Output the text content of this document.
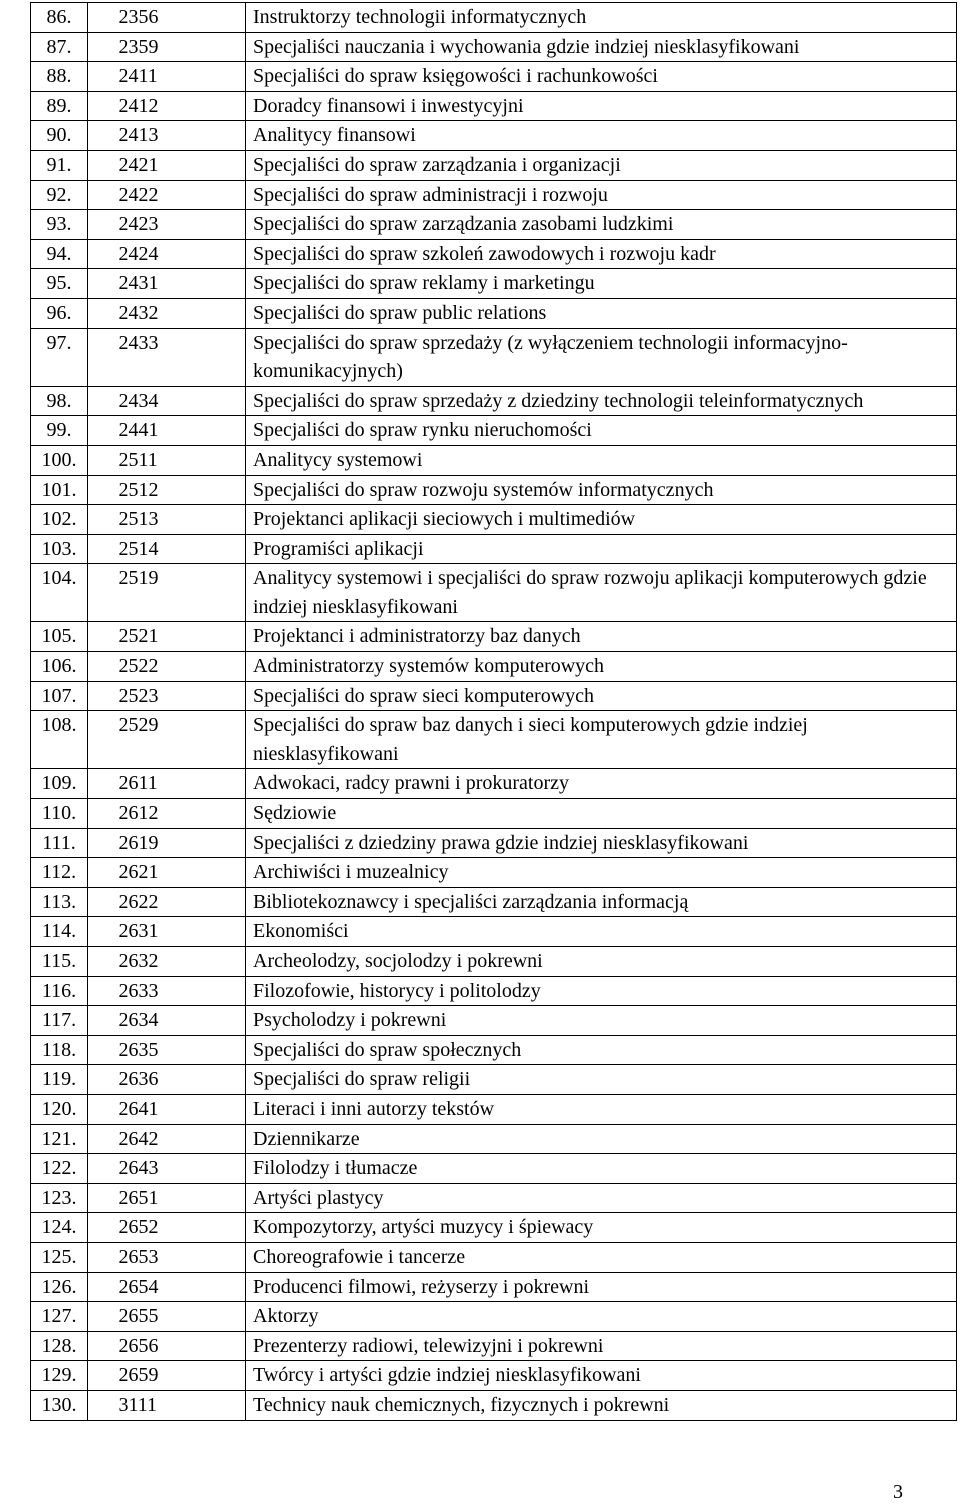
86.	2356	Instruktorzy technologii informatycznych
87.	2359	Specjaliści nauczania i wychowania gdzie indziej niesklasyfikowani
88.	2411	Specjaliści do spraw księgowości i rachunkowości
89.	2412	Doradcy finansowi i inwestycyjni
90.	2413	Analitycy finansowi
91.	2421	Specjaliści do spraw zarządzania i organizacji
92.	2422	Specjaliści do spraw administracji i rozwoju
93.	2423	Specjaliści do spraw zarządzania zasobami ludzkimi
94.	2424	Specjaliści do spraw szkoleń zawodowych i rozwoju kadr
95.	2431	Specjaliści do spraw reklamy i marketingu
96.	2432	Specjaliści do spraw public relations
97.	2433	Specjaliści do spraw sprzedaży (z wyłączeniem technologii informacyjno-komunikacyjnych)
98.	2434	Specjaliści do spraw sprzedaży z dziedziny technologii teleinformatycznych
99.	2441	Specjaliści do spraw rynku nieruchomości
100.	2511	Analitycy systemowi
101.	2512	Specjaliści do spraw rozwoju systemów informatycznych
102.	2513	Projektanci aplikacji sieciowych i multimediów
103.	2514	Programiści aplikacji
104.	2519	Analitycy systemowi i specjaliści do spraw rozwoju aplikacji komputerowych gdzie indziej niesklasyfikowani
105.	2521	Projektanci i administratorzy baz danych
106.	2522	Administratorzy systemów komputerowych
107.	2523	Specjaliści do spraw sieci komputerowych
108.	2529	Specjaliści do spraw baz danych i sieci komputerowych gdzie indziej niesklasyfikowani
109.	2611	Adwokaci, radcy prawni i prokuratorzy
110.	2612	Sędziowie
111.	2619	Specjaliści z dziedziny prawa gdzie indziej niesklasyfikowani
112.	2621	Archiwiści i muzealnicy
113.	2622	Bibliotekoznawcy i specjaliści zarządzania informacją
114.	2631	Ekonomiści
115.	2632	Archeolodzy, socjolodzy i pokrewni
116.	2633	Filozofowie, historycy i politolodzy
117.	2634	Psycholodzy i pokrewni
118.	2635	Specjaliści do spraw społecznych
119.	2636	Specjaliści do spraw religii
120.	2641	Literaci i inni autorzy tekstów
121.	2642	Dziennikarze
122.	2643	Filolodzy i tłumacze
123.	2651	Artyści plastycy
124.	2652	Kompozytorzy, artyści muzycy i śpiewacy
125.	2653	Choreografowie i tancerze
126.	2654	Producenci filmowi, reżyserzy i pokrewni
127.	2655	Aktorzy
128.	2656	Prezenterzy radiowi, telewizyjni i pokrewni
129.	2659	Twórcy i artyści gdzie indziej niesklasyfikowani
130.	3111	Technicy nauk chemicznych, fizycznych i pokrewni
3
